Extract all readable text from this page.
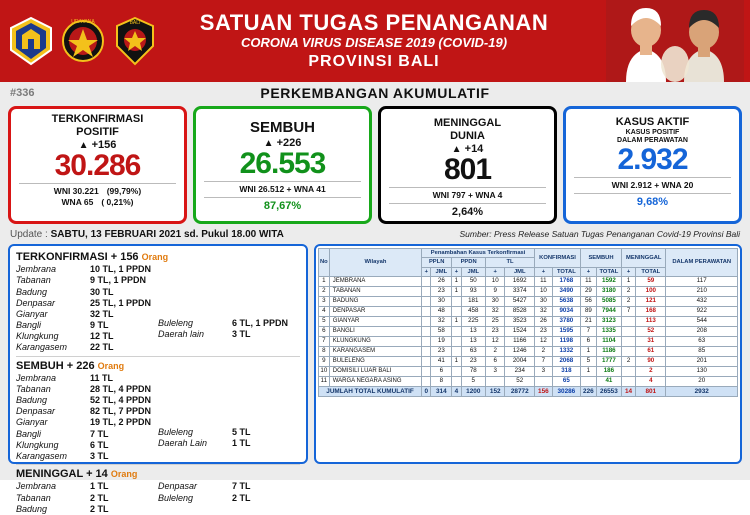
UDAYANA	BALI	SATUAN TUGAS PENANGANAN
CORONA VIRUS DISEASE 2019 (COVID-19)
PROVINSI BALI
#336	PERKEMBANGAN AKUMULATIF
TERKONFIRMASI
POSITIF
▲ +156
30.286
WNI 30.221 (99,79%)
WNA 65 ( 0,21%)
SEMBUH
▲ +226
26.553
WNI 26.512 + WNA 41
87,67%
MENINGGAL
DUNIA
▲ +14
801
WNI 797 + WNA 4
2,64%
KASUS AKTIF
KASUS POSITIF
DALAM PERAWATAN
2.932
WNI 2.912 + WNA 20
9,68%
Update : SABTU, 13 FEBRUARI 2021 sd. Pukul 18.00 WITA	Sumber: Press Release Satuan Tugas Penanganan Covid-19 Provinsi Bali
TERKONFIRMASI + 156 Orang
Jembrana	10 TL, 1 PPDN
Tabanan	9 TL, 1 PPDN
Badung	30 TL
Denpasar	25 TL, 1 PPDN
Gianyar	32 TL
Bangli	9 TL
Klungkung	12 TL
Karangasem	22 TL
Buleleng	6 TL, 1 PPDN
Daerah lain	3 TL
SEMBUH + 226 Orang
Jembrana	11 TL
Tabanan	28 TL, 4 PPDN
Badung	52 TL, 4 PPDN
Denpasar	82 TL, 7 PPDN
Gianyar	19 TL, 2 PPDN
Bangli	7 TL
Klungkung	6 TL
Karangasem	3 TL
Buleleng	5 TL
Daerah Lain	1 TL
MENINGGAL + 14 Orang
Jembrana	1 TL
Tabanan	2 TL
Badung	2 TL
Denpasar	7 TL
Buleleng	2 TL
No	Wilayah	Penambahan Kasus Terkonfirmasi						KONFIRMASI		SEMBUH		MENINGGAL		DALAM PERAWATAN
		PPLN		PPDN		TL								
		+	JML	+	JML	+	JML	+	TOTAL	+	TOTAL	+	TOTAL	
1	JEMBRANA		26	1	50	10	1692	11	1768	11	1592	1	59	117
2	TABANAN		23	1	93	9	3374	10	3490	29	3180	2	100	210
3	BADUNG		30		181	30	5427	30	5638	56	5085	2	121	432
4	DENPASAR		48		458	32	8528	32	9034	89	7944	7	168	922
5	GIANYAR		32	1	225	25	3523	26	3780	21	3123		113	544
6	BANGLI		58		13	23	1524	23	1595	7	1335		52	208
7	KLUNGKUNG		19		13	12	1166	12	1198	6	1104		31	63
8	KARANGASEM		23		63	2	1246	2	1332	1	1186		61	85
9	BULELENG		41	1	23	6	2004	7	2068	5	1777	2	90	201
10	DOMISILI LUAR BALI		6		78	3	234	3	318	1	186		2	130
11	WARGA NEGARA ASING		8		5		52		65		41		4	20
JUMLAH TOTAL KUMULATIF		0	314	4	1200	152	28772	156	30286	226	26553	14	801	2932
